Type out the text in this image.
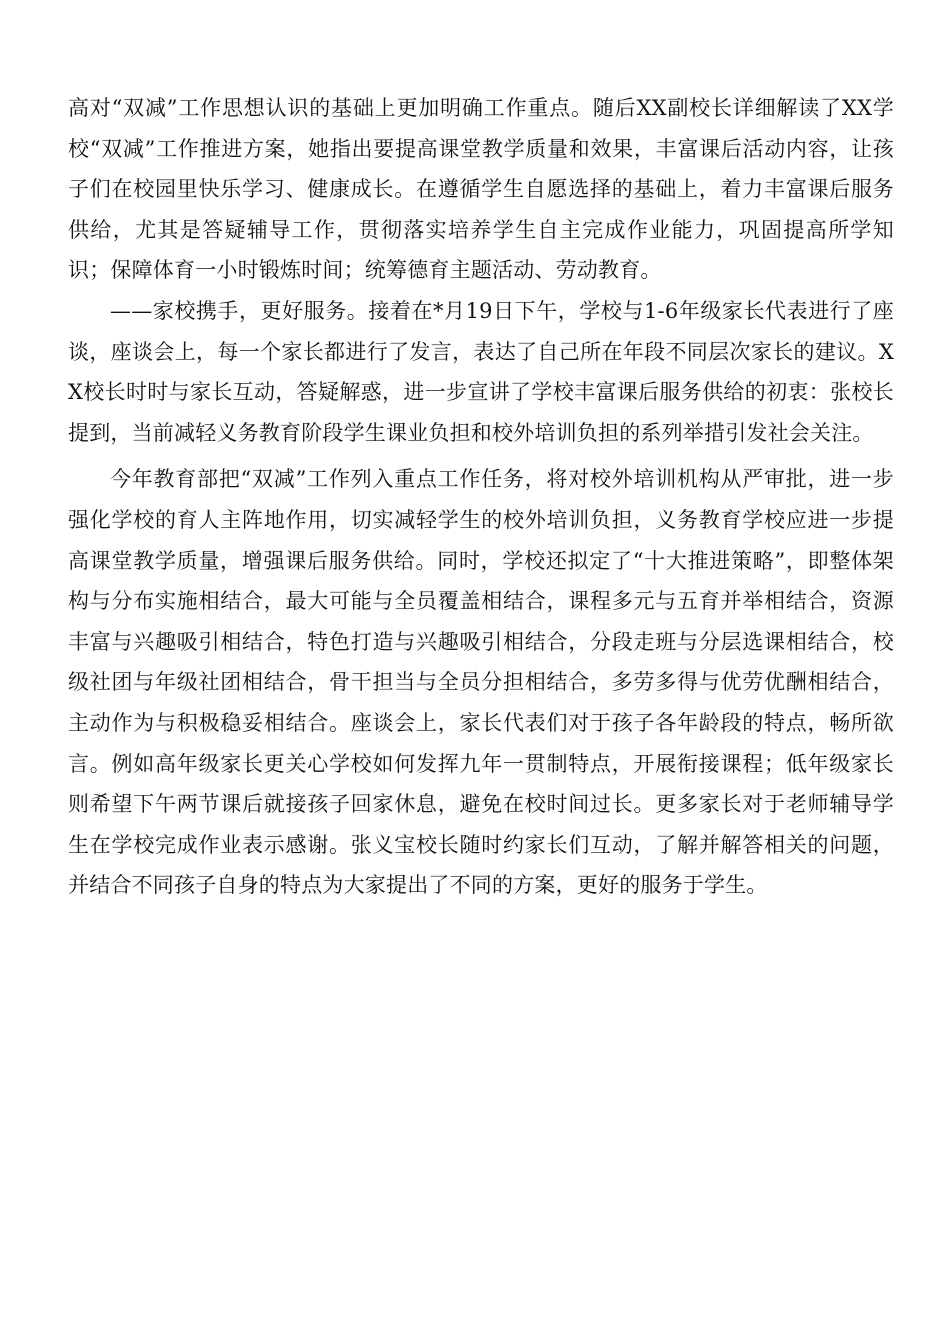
高对“双减”工作思想认识的基础上更加明确工作重点。随后XX副校长详细解读了XX学校“双减”工作推进方案，她指出要提高课堂教学质量和效果，丰富课后活动内容，让孩子们在校园里快乐学习、健康成长。在遵循学生自愿选择的基础上，着力丰富课后服务供给，尤其是答疑辅导工作，贯彻落实培养学生自主完成作业能力，巩固提高所学知识；保障体育一小时锻炼时间；统筹德育主题活动、劳动教育。

——家校携手，更好服务。接着在*月19日下午，学校与1-6年级家长代表进行了座谈，座谈会上，每一个家长都进行了发言，表达了自己所在年段不同层次家长的建议。XX校长时时与家长互动，答疑解惑，进一步宣讲了学校丰富课后服务供给的初衷：张校长提到，当前减轻义务教育阶段学生课业负担和校外培训负担的系列举措引发社会关注。

今年教育部把“双减”工作列入重点工作任务，将对校外培训机构从严审批，进一步强化学校的育人主阵地作用，切实减轻学生的校外培训负担，义务教育学校应进一步提高课堂教学质量，增强课后服务供给。同时，学校还拟定了“十大推进策略”，即整体架构与分布实施相结合，最大可能与全员覆盖相结合，课程多元与五育并举相结合，资源丰富与兴趣吸引相结合，特色打造与兴趣吸引相结合，分段走班与分层选课相结合，校级社团与年级社团相结合，骨干担当与全员分担相结合，多劳多得与优劳优酬相结合，主动作为与积极稳妥相结合。座谈会上，家长代表们对于孩子各年龄段的特点，畅所欲言。例如高年级家长更关心学校如何发挥九年一贯制特点，开展衔接课程；低年级家长则希望下午两节课后就接孩子回家休息，避免在校时间过长。更多家长对于老师辅导学生在学校完成作业表示感谢。张义宝校长随时约家长们互动，了解并解答相关的问题，并结合不同孩子自身的特点为大家提出了不同的方案，更好的服务于学生。
